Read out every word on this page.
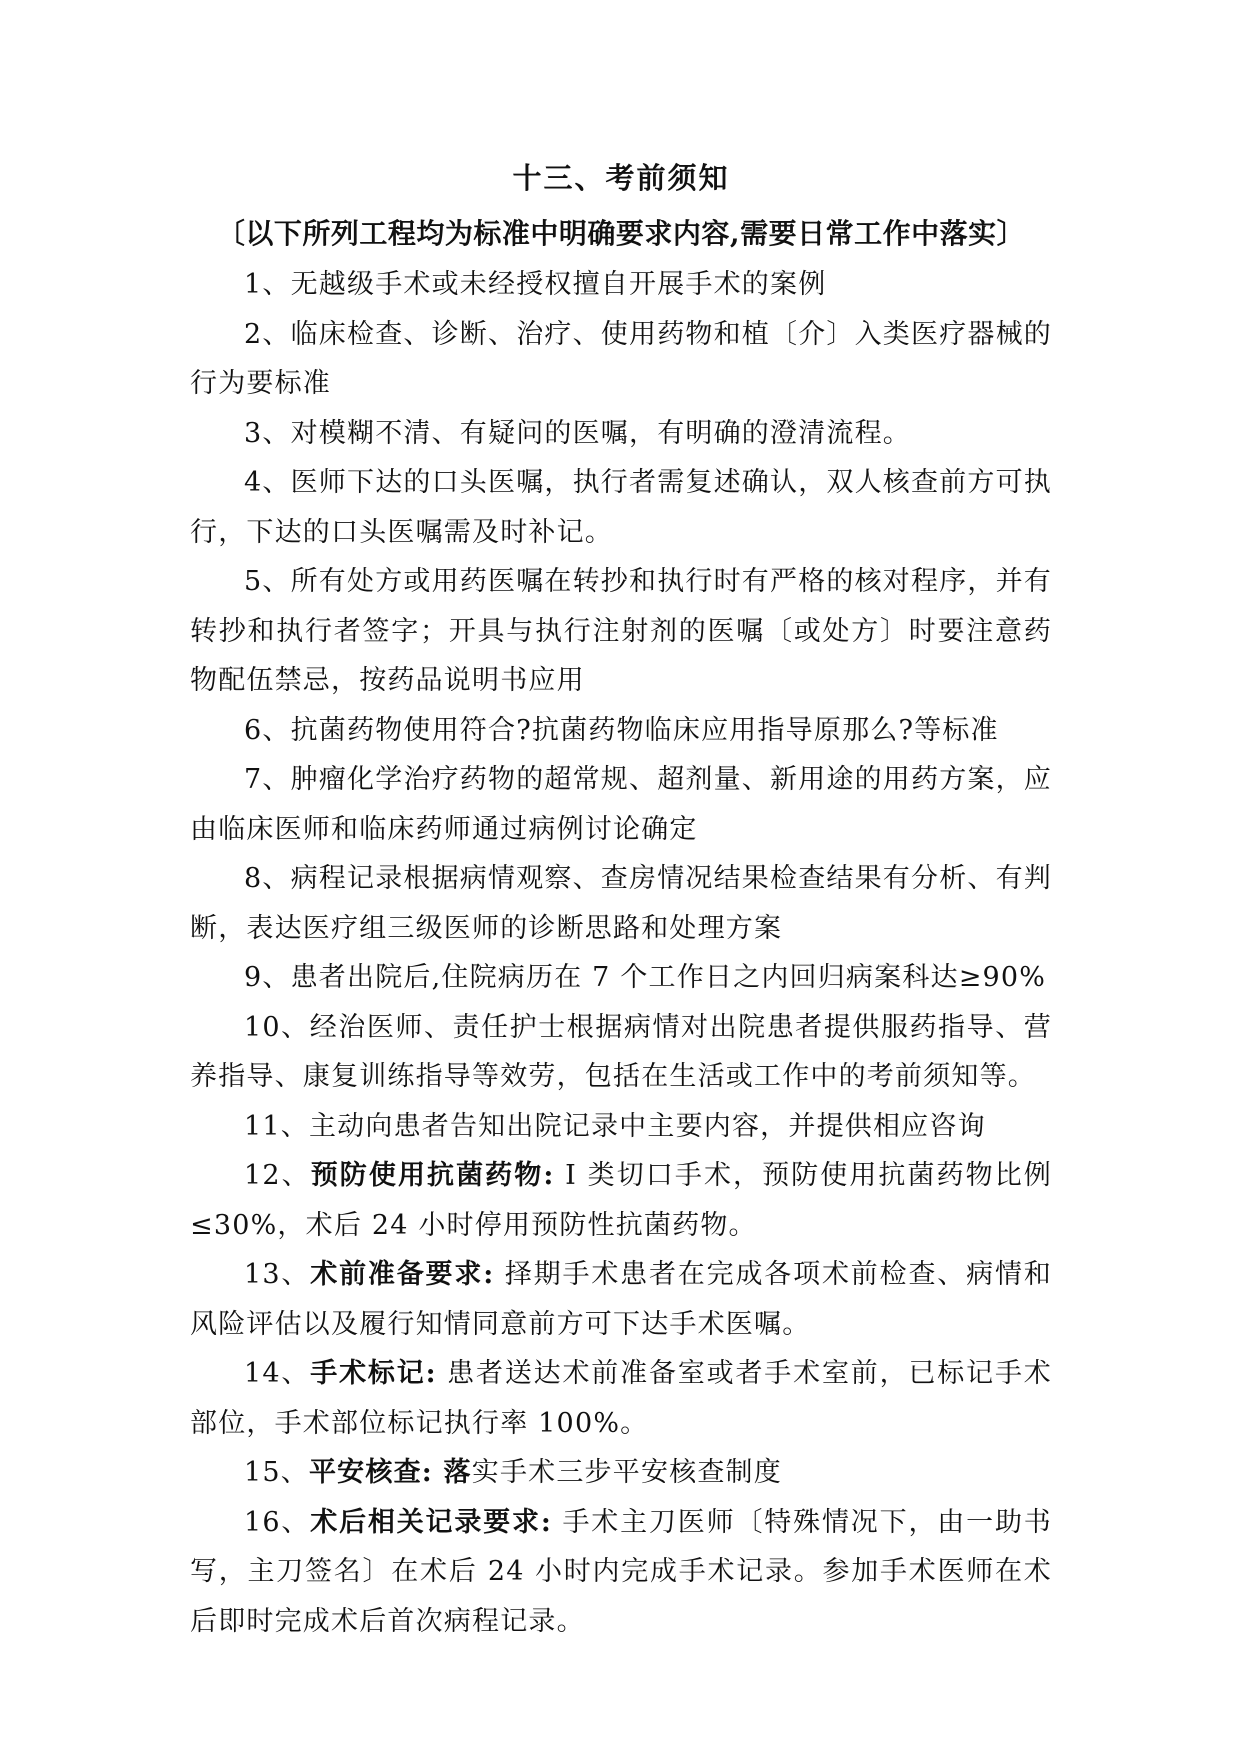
十三、考前须知
〔以下所列工程均为标准中明确要求内容,需要日常工作中落实〕

1、无越级手术或未经授权擅自开展手术的案例

2、临床检查、诊断、治疗、使用药物和植〔介〕入类医疗器械的行为要标准

3、对模糊不清、有疑问的医嘱，有明确的澄清流程。

4、医师下达的口头医嘱，执行者需复述确认，双人核查前方可执行，下达的口头医嘱需及时补记。

5、所有处方或用药医嘱在转抄和执行时有严格的核对程序，并有转抄和执行者签字；开具与执行注射剂的医嘱〔或处方〕时要注意药物配伍禁忌，按药品说明书应用

6、抗菌药物使用符合?抗菌药物临床应用指导原那么?等标准

7、肿瘤化学治疗药物的超常规、超剂量、新用途的用药方案，应由临床医师和临床药师通过病例讨论确定

8、病程记录根据病情观察、查房情况结果检查结果有分析、有判断，表达医疗组三级医师的诊断思路和处理方案

9、患者出院后,住院病历在 7 个工作日之内回归病案科达≥90%

10、经治医师、责任护士根据病情对出院患者提供服药指导、营养指导、康复训练指导等效劳，包括在生活或工作中的考前须知等。

11、主动向患者告知出院记录中主要内容，并提供相应咨询

12、预防使用抗菌药物: I 类切口手术，预防使用抗菌药物比例≤30%，术后 24 小时停用预防性抗菌药物。

13、术前准备要求: 择期手术患者在完成各项术前检查、病情和风险评估以及履行知情同意前方可下达手术医嘱。

14、手术标记: 患者送达术前准备室或者手术室前，已标记手术部位，手术部位标记执行率 100%。

15、平安核查: 落实手术三步平安核查制度

16、术后相关记录要求: 手术主刀医师〔特殊情况下，由一助书写，主刀签名〕在术后 24 小时内完成手术记录。参加手术医师在术后即时完成术后首次病程记录。
